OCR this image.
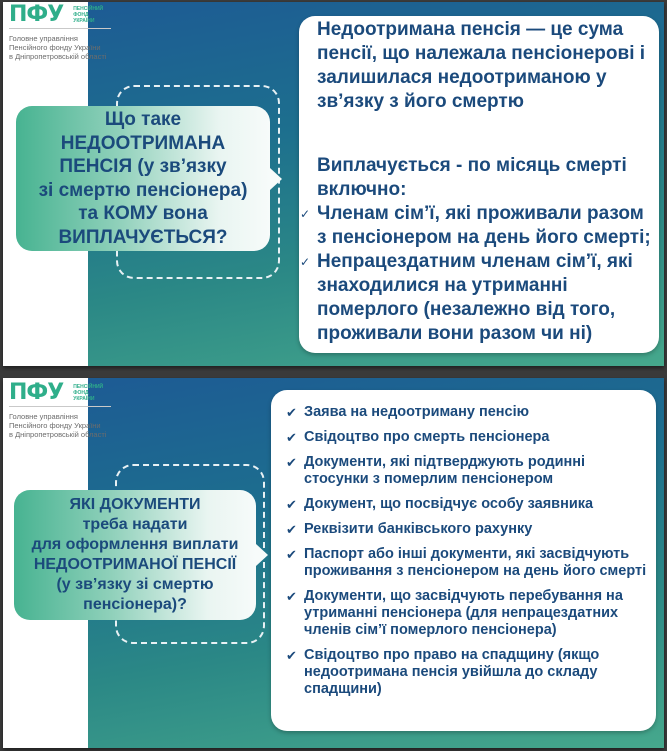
ПФУ ПЕНСІЙНИЙ
ФОНД
УКРАЇНИ
Головне управління
Пенсійного фонду України
в Дніпропетровській області
Що таке
НЕДООТРИМАНА
ПЕНСІЯ (у зв’язку
зі смертю пенсіонера)
та КОМУ вона
ВИПЛАЧУЄТЬСЯ?
Недоотримана пенсія — це сума пенсії, що належала пенсіонерові і залишилася недоотриманою у зв’язку з його смертю
Виплачується - по місяць смерті включно:
✓ Членам сім’ї, які проживали разом з пенсіонером на день його смерті;
✓ Непрацездатним членам сім’ї, які знаходилися на утриманні померлого (незалежно від того, проживали вони разом чи ні)
ПФУ ПЕНСІЙНИЙ
ФОНД
УКРАЇНИ
Головне управління
Пенсійного фонду України
в Дніпропетровській області
ЯКІ ДОКУМЕНТИ
треба надати
для оформлення виплати
НЕДООТРИМАНОЇ ПЕНСІЇ
(у зв’язку зі смертю
пенсіонера)?
✔ Заява на недоотриману пенсію
✔ Свідоцтво про смерть пенсіонера
✔ Документи, які підтверджують родинні стосунки з померлим пенсіонером
✔ Документ, що посвідчує особу заявника
✔ Реквізити банківського рахунку
✔ Паспорт або інші документи, які засвідчують проживання з пенсіонером на день його смерті
✔ Документи, що засвідчують перебування на утриманні пенсіонера (для непрацездатних членів сім’ї померлого пенсіонера)
✔ Свідоцтво про право на спадщину (якщо недоотримана пенсія увійшла до складу спадщини)
